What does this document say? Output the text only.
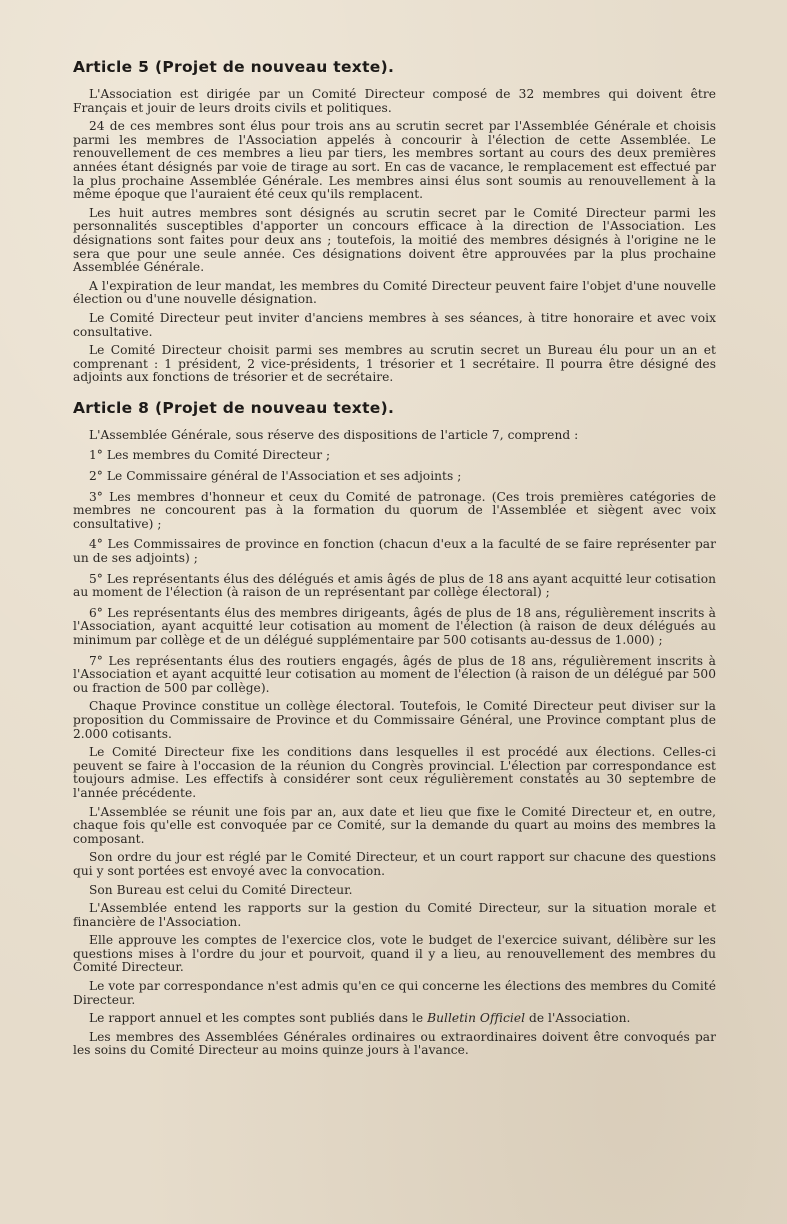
Article 5 (Projet de nouveau texte).

L'Association est dirigée par un Comité Directeur composé de 32 membres qui doivent être Français et jouir de leurs droits civils et politiques.

24 de ces membres sont élus pour trois ans au scrutin secret par l'Assemblée Générale et choisis parmi les membres de l'Association appelés à concourir à l'élection de cette Assemblée. Le renouvellement de ces membres a lieu par tiers, les membres sortant au cours des deux premières années étant désignés par voie de tirage au sort. En cas de vacance, le remplacement est effectué par la plus prochaine Assemblée Générale. Les membres ainsi élus sont soumis au renouvellement à la même époque que l'auraient été ceux qu'ils remplacent.

Les huit autres membres sont désignés au scrutin secret par le Comité Directeur parmi les personnalités susceptibles d'apporter un concours efficace à la direction de l'Association. Les désignations sont faites pour deux ans ; toutefois, la moitié des membres désignés à l'origine ne le sera que pour une seule année. Ces désignations doivent être approuvées par la plus prochaine Assemblée Générale.

A l'expiration de leur mandat, les membres du Comité Directeur peuvent faire l'objet d'une nouvelle élection ou d'une nouvelle désignation.

Le Comité Directeur peut inviter d'anciens membres à ses séances, à titre honoraire et avec voix consultative.

Le Comité Directeur choisit parmi ses membres au scrutin secret un Bureau élu pour un an et comprenant : 1 président, 2 vice-présidents, 1 trésorier et 1 secrétaire. Il pourra être désigné des adjoints aux fonctions de trésorier et de secrétaire.

Article 8 (Projet de nouveau texte).

L'Assemblée Générale, sous réserve des dispositions de l'article 7, comprend :

1° Les membres du Comité Directeur ;

2° Le Commissaire général de l'Association et ses adjoints ;

3° Les membres d'honneur et ceux du Comité de patronage. (Ces trois premières catégories de membres ne concourent pas à la formation du quorum de l'Assemblée et siègent avec voix consultative) ;

4° Les Commissaires de province en fonction (chacun d'eux a la faculté de se faire représenter par un de ses adjoints) ;

5° Les représentants élus des délégués et amis âgés de plus de 18 ans ayant acquitté leur cotisation au moment de l'élection (à raison de un représentant par collège électoral) ;

6° Les représentants élus des membres dirigeants, âgés de plus de 18 ans, régulièrement inscrits à l'Association, ayant acquitté leur cotisation au moment de l'élection (à raison de deux délégués au minimum par collège et de un délégué supplémentaire par 500 cotisants au-dessus de 1.000) ;

7° Les représentants élus des routiers engagés, âgés de plus de 18 ans, régulièrement inscrits à l'Association et ayant acquitté leur cotisation au moment de l'élection (à raison de un délégué par 500 ou fraction de 500 par collège).

Chaque Province constitue un collège électoral. Toutefois, le Comité Directeur peut diviser sur la proposition du Commissaire de Province et du Commissaire Général, une Province comptant plus de 2.000 cotisants.

Le Comité Directeur fixe les conditions dans lesquelles il est procédé aux élections. Celles-ci peuvent se faire à l'occasion de la réunion du Congrès provincial. L'élection par correspondance est toujours admise. Les effectifs à considérer sont ceux régulièrement constatés au 30 septembre de l'année précédente.

L'Assemblée se réunit une fois par an, aux date et lieu que fixe le Comité Directeur et, en outre, chaque fois qu'elle est convoquée par ce Comité, sur la demande du quart au moins des membres la composant.

Son ordre du jour est réglé par le Comité Directeur, et un court rapport sur chacune des questions qui y sont portées est envoyé avec la convocation.

Son Bureau est celui du Comité Directeur.

L'Assemblée entend les rapports sur la gestion du Comité Directeur, sur la situation morale et financière de l'Association.

Elle approuve les comptes de l'exercice clos, vote le budget de l'exercice suivant, délibère sur les questions mises à l'ordre du jour et pourvoit, quand il y a lieu, au renouvellement des membres du Comité Directeur.

Le vote par correspondance n'est admis qu'en ce qui concerne les élections des membres du Comité Directeur.

Le rapport annuel et les comptes sont publiés dans le Bulletin Officiel de l'Association.

Les membres des Assemblées Générales ordinaires ou extraordinaires doivent être convoqués par les soins du Comité Directeur au moins quinze jours à l'avance.
